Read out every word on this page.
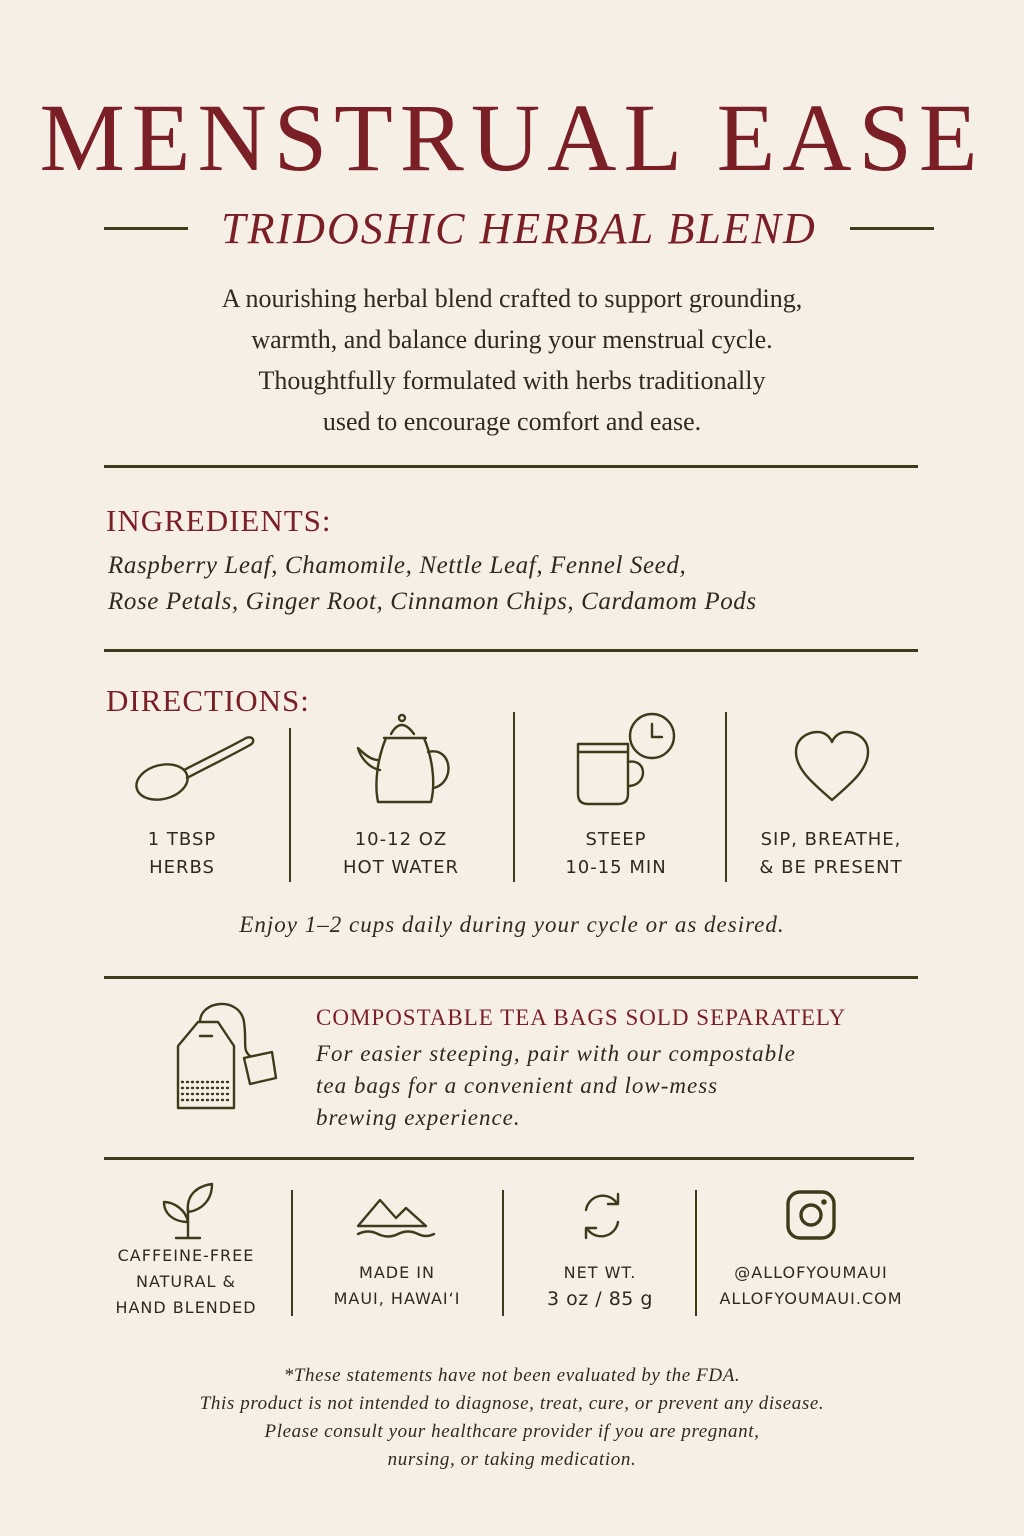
MENSTRUAL EASE
TRIDOSHIC HERBAL BLEND
A nourishing herbal blend crafted to support grounding,
warmth, and balance during your menstrual cycle.
Thoughtfully formulated with herbs traditionally
used to encourage comfort and ease.
INGREDIENTS:
Raspberry Leaf, Chamomile, Nettle Leaf, Fennel Seed,
Rose Petals, Ginger Root, Cinnamon Chips, Cardamom Pods
DIRECTIONS:
1 TBSP
HERBS
10-12 OZ
HOT WATER
STEEP
10-15 MIN
SIP, BREATHE,
& BE PRESENT
Enjoy 1–2 cups daily during your cycle or as desired.
COMPOSTABLE TEA BAGS SOLD SEPARATELY
For easier steeping, pair with our compostable
tea bags for a convenient and low-mess
brewing experience.
CAFFEINE-FREE
NATURAL &
HAND BLENDED
MADE IN
MAUI, HAWAI‘I
NET WT.
3 oz / 85 g
@ALLOFYOUMAUI
ALLOFYOUMAUI.COM
*These statements have not been evaluated by the FDA.
This product is not intended to diagnose, treat, cure, or prevent any disease.
Please consult your healthcare provider if you are pregnant,
nursing, or taking medication.
